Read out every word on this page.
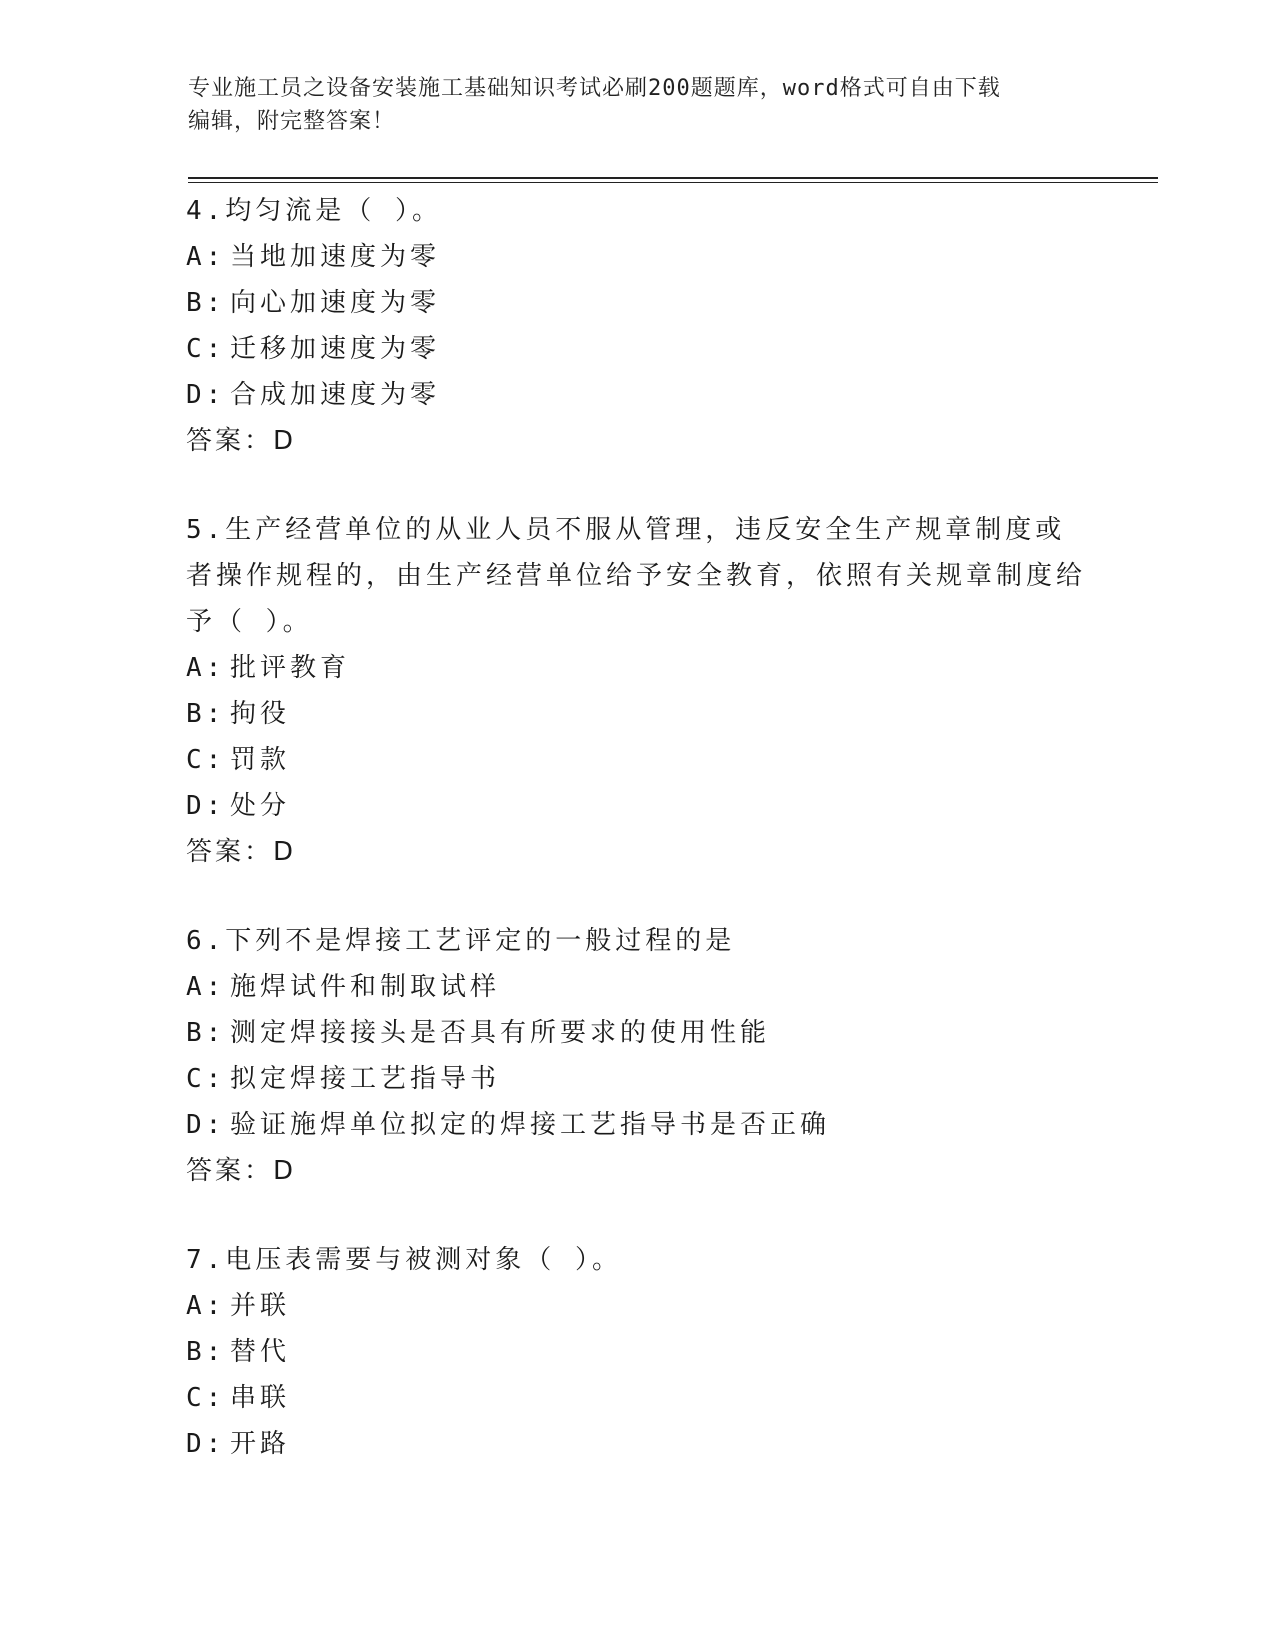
专业施工员之设备安装施工基础知识考试必刷200题题库，word格式可自由下载
编辑，附完整答案！
4.均匀流是（ ）。
A: 当地加速度为零
B: 向心加速度为零
C: 迁移加速度为零
D: 合成加速度为零
答案：D
5.生产经营单位的从业人员不服从管理，违反安全生产规章制度或者操作规程的，由生产经营单位给予安全教育，依照有关规章制度给予（ ）。
A: 批评教育
B: 拘役
C: 罚款
D: 处分
答案：D
6.下列不是焊接工艺评定的一般过程的是
A: 施焊试件和制取试样
B: 测定焊接接头是否具有所要求的使用性能
C: 拟定焊接工艺指导书
D: 验证施焊单位拟定的焊接工艺指导书是否正确
答案：D
7.电压表需要与被测对象（ ）。
A: 并联
B: 替代
C: 串联
D: 开路
